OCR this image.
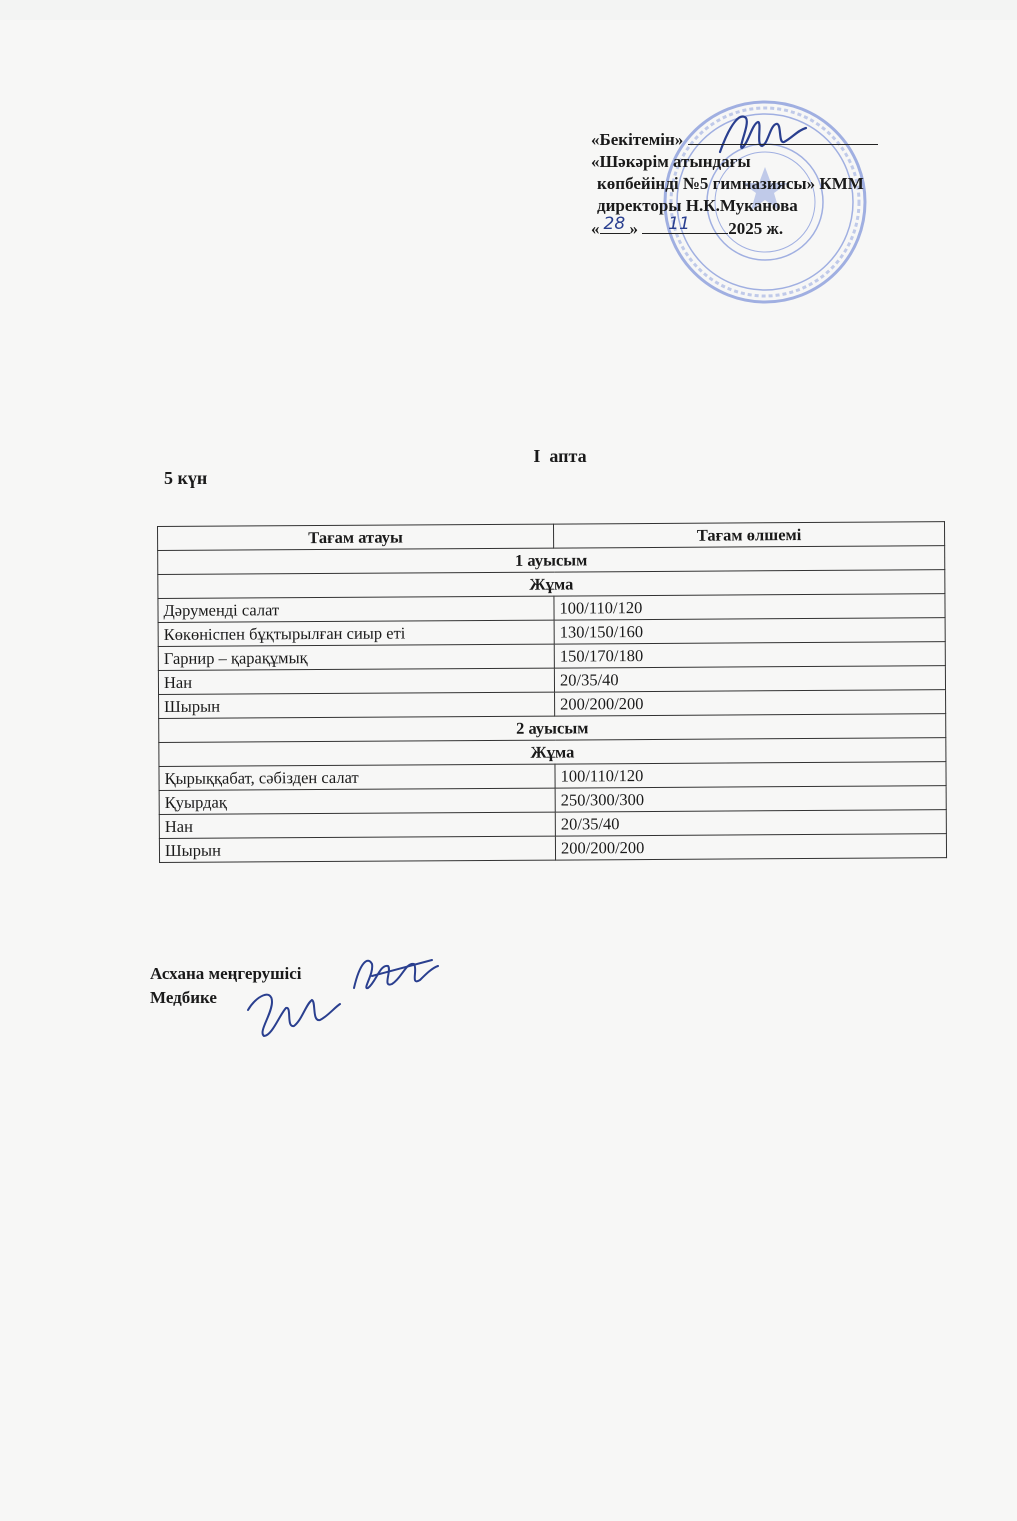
«Бекітемін»
«Шәкәрім атындағы
көпбейінді №5 гимназиясы» КММ
директоры Н.К.Муканова
« 28 » 11 2025 ж.
I  апта
5 күн
Тағам атауы	Тағам өлшемі
1 ауысым	
Жұма	
Дәрумендi салат	100/110/120
Көкөніспен бұқтырылған сиыр еті	130/150/160
Гарнир – қарақұмық	150/170/180
Нан	20/35/40
Шырын	200/200/200
2 ауысым	
Жұма	
Қырыққабат, сәбізден салат	100/110/120
Қуырдақ	250/300/300
Нан	20/35/40
Шырын	200/200/200
Асхана меңгерушісі
Медбике
